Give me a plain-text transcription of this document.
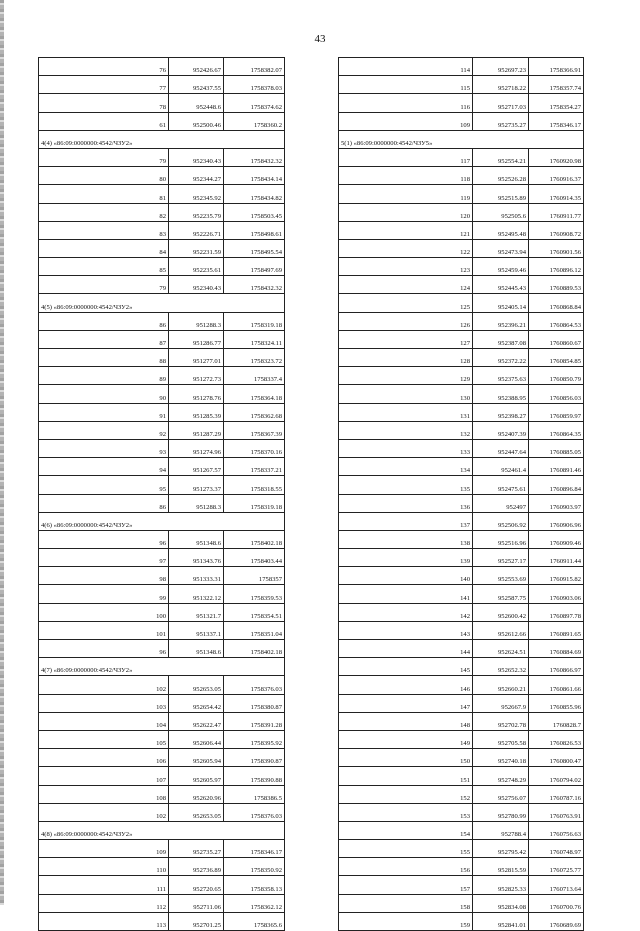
43
76	952426.67	1758382.07
77	952437.55	1758378.03
78	952448.6	1758374.62
61	952500.46	1758360.2
4(4) «86:09:0000000:4542/ЧЗУ2»		
79	952340.43	1758432.32
80	952344.27	1758434.14
81	952345.92	1758434.82
82	952235.79	1758503.45
83	952226.71	1758498.61
84	952231.59	1758495.54
85	952235.61	1758497.69
79	952340.43	1758432.32
4(5) «86:09:0000000:4542/ЧЗУ2»		
86	951288.3	1758319.18
87	951286.77	1758324.11
88	951277.01	1758323.72
89	951272.73	1758337.4
90	951278.76	1758364.18
91	951285.39	1758362.68
92	951287.29	1758367.39
93	951274.96	1758370.16
94	951267.57	1758337.21
95	951273.37	1758318.55
86	951288.3	1758319.18
4(6) «86:09:0000000:4542/ЧЗУ2»		
96	951348.6	1758402.18
97	951343.76	1758403.44
98	951333.31	1758357
99	951322.12	1758359.53
100	951321.7	1758354.51
101	951337.1	1758351.04
96	951348.6	1758402.18
4(7) «86:09:0000000:4542/ЧЗУ2»		
102	952653.05	1758376.03
103	952654.42	1758380.87
104	952622.47	1758391.28
105	952606.44	1758395.92
106	952605.94	1758390.87
107	952605.97	1758390.88
108	952620.96	1758386.5
102	952653.05	1758376.03
4(8) «86:09:0000000:4542/ЧЗУ2»		
109	952735.27	1758346.17
110	952736.89	1758350.92
111	952720.65	1758358.13
112	952711.06	1758362.12
113	952701.25	1758365.6
114	952697.23	1758366.91
115	952718.22	1758357.74
116	952717.03	1758354.27
109	952735.27	1758346.17
5(1) «86:09:0000000:4542/ЧЗУ5»		
117	952554.21	1760920.98
118	952526.28	1760916.37
119	952515.89	1760914.35
120	952505.6	1760911.77
121	952495.48	1760908.72
122	952473.94	1760901.56
123	952459.46	1760896.12
124	952445.43	1760889.53
125	952405.14	1760868.84
126	952396.21	1760864.53
127	952387.08	1760860.67
128	952372.22	1760854.85
129	952375.63	1760850.79
130	952388.95	1760856.03
131	952398.27	1760859.97
132	952407.39	1760864.35
133	952447.64	1760885.05
134	952461.4	1760891.46
135	952475.61	1760896.84
136	952497	1760903.97
137	952506.92	1760906.96
138	952516.96	1760909.46
139	952527.17	1760911.44
140	952553.69	1760915.82
141	952587.75	1760903.06
142	952600.42	1760897.78
143	952612.66	1760891.65
144	952624.51	1760884.69
145	952652.32	1760866.97
146	952660.21	1760861.66
147	952667.9	1760855.96
148	952702.78	1760828.7
149	952705.58	1760826.53
150	952740.18	1760800.47
151	952748.29	1760794.02
152	952756.07	1760787.16
153	952780.99	1760763.91
154	952788.4	1760756.63
155	952795.42	1760748.97
156	952815.59	1760725.77
157	952825.33	1760713.64
158	952834.08	1760700.76
159	952841.01	1760689.69
